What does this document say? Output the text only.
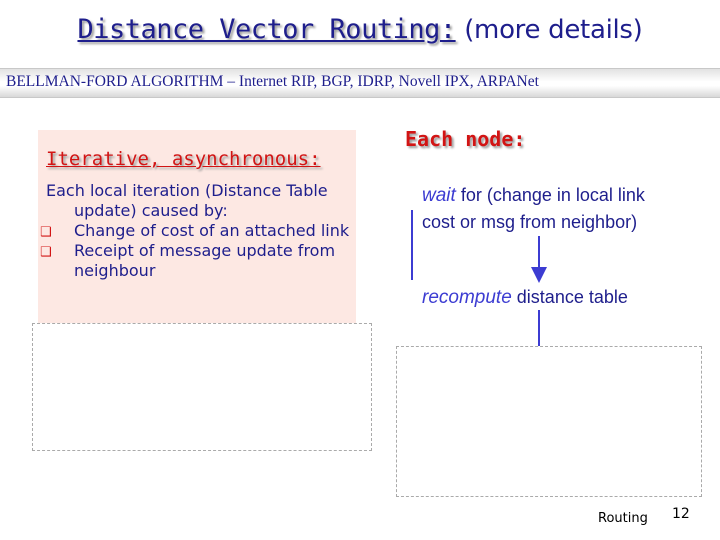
Distance Vector Routing: (more details)
BELLMAN-FORD ALGORITHM – Internet RIP, BGP, IDRP, Novell IPX, ARPANet
Iterative, asynchronous:

Each local iteration (Distance Table update) caused by:

❑ Change of cost of an attached link

❑ Receipt of message update from neighbour

Each node:
wait for (change in local link
cost or msg from neighbor)
recompute distance table
Routing 12
